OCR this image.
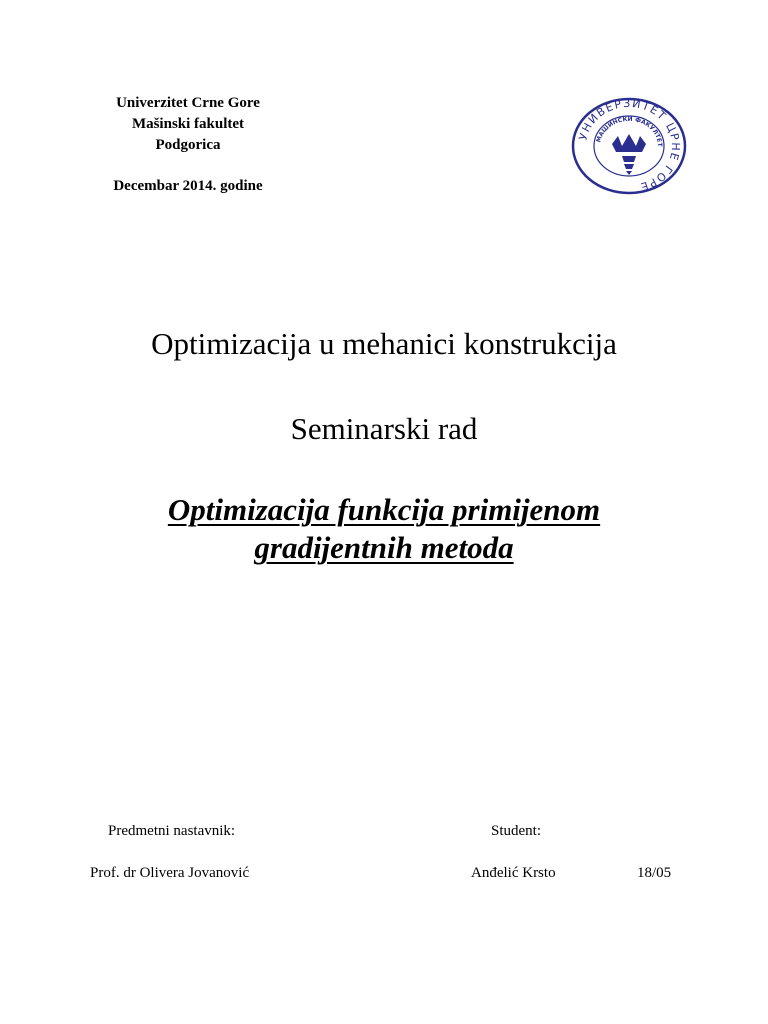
Univerzitet Crne Gore
Mašinski fakultet
Podgorica
Decembar 2014. godine
УНИВЕРЗИТЕТ ЦРНЕ ГОРЕ
МАШИНСКИ ФАКУЛТЕТ
Optimizacija u mehanici konstrukcija
Seminarski rad
Optimizacija funkcija primijenom
gradijentnih metoda
Predmetni nastavnik:
Prof. dr Olivera Jovanović
Student:
Anđelić Krsto	18/05
